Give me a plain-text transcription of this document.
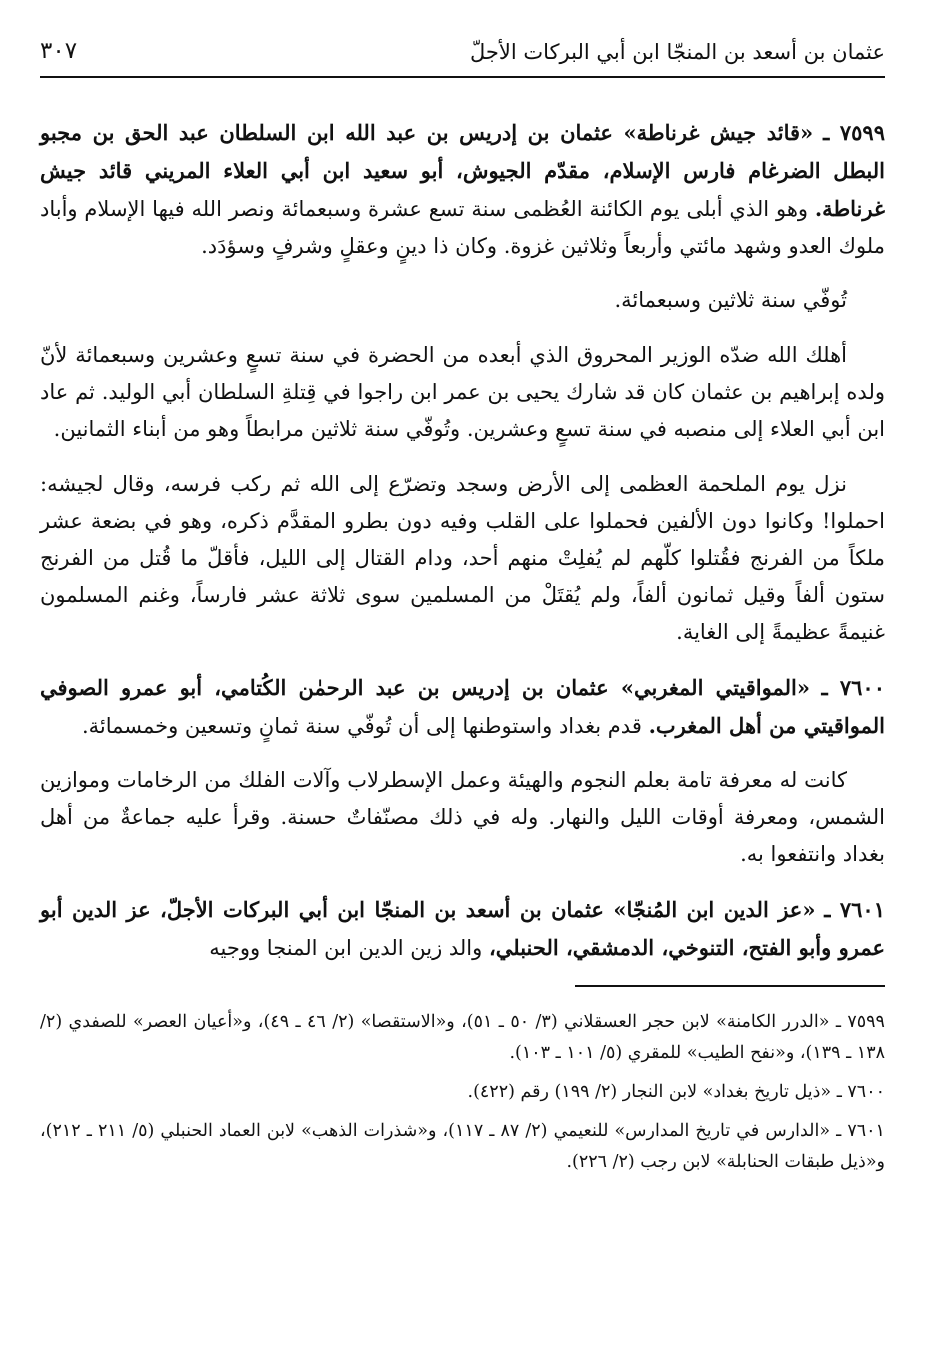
عثمان بن أسعد بن المنجّا ابن أبي البركات الأجلّ
٣٠٧

٧٥٩٩ ـ «قائد جيش غرناطة» عثمان بن إدريس بن عبد الله ابن السلطان عبد الحق بن مجبو البطل الضرغام فارس الإسلام، مقدّم الجيوش، أبو سعيد ابن أبي العلاء المريني قائد جيش غرناطة. وهو الذي أبلى يوم الكائنة العُظمى سنة تسع عشرة وسبعمائة ونصر الله فيها الإسلام وأباد ملوك العدو وشهد مائتي وأربعاً وثلاثين غزوة. وكان ذا دينٍ وعقلٍ وشرفٍ وسؤدَد.

تُوفّي سنة ثلاثين وسبعمائة.

أهلك الله ضدّه الوزير المحروق الذي أبعده من الحضرة في سنة تسعٍ وعشرين وسبعمائة لأنّ ولده إبراهيم بن عثمان كان قد شارك يحيى بن عمر ابن راجوا في قِتلةِ السلطان أبي الوليد. ثم عاد ابن أبي العلاء إلى منصبه في سنة تسعٍ وعشرين. وتُوفّي سنة ثلاثين مرابطاً وهو من أبناء الثمانين.

نزل يوم الملحمة العظمى إلى الأرض وسجد وتضرّع إلى الله ثم ركب فرسه، وقال لجيشه: احملوا! وكانوا دون الألفين فحملوا على القلب وفيه دون بطرو المقدَّم ذكره، وهو في بضعة عشر ملكاً من الفرنج فقُتلوا كلّهم لم يُفلِتْ منهم أحد، ودام القتال إلى الليل، فأقلّ ما قُتل من الفرنج ستون ألفاً وقيل ثمانون ألفاً، ولم يُقتَلْ من المسلمين سوى ثلاثة عشر فارساً، وغنم المسلمون غنيمةً عظيمةً إلى الغاية.

٧٦٠٠ ـ «المواقيتي المغربي» عثمان بن إدريس بن عبد الرحمٰن الكُتامي، أبو عمرو الصوفي المواقيتي من أهل المغرب. قدم بغداد واستوطنها إلى أن تُوفّي سنة ثمانٍ وتسعين وخمسمائة.

كانت له معرفة تامة بعلم النجوم والهيئة وعمل الإسطرلاب وآلات الفلك من الرخامات وموازين الشمس، ومعرفة أوقات الليل والنهار. وله في ذلك مصنّفاتٌ حسنة. وقرأ عليه جماعةٌ من أهل بغداد وانتفعوا به.

٧٦٠١ ـ «عز الدين ابن المُنجّا» عثمان بن أسعد بن المنجّا ابن أبي البركات الأجلّ، عز الدين أبو عمرو وأبو الفتح، التنوخي، الدمشقي، الحنبلي، والد زين الدين ابن المنجا ووجيه

٧٥٩٩ ـ «الدرر الكامنة» لابن حجر العسقلاني (٣/ ٥٠ ـ ٥١)، و«الاستقصا» (٢/ ٤٦ ـ ٤٩)، و«أعيان العصر» للصفدي (٢/ ١٣٨ ـ ١٣٩)، و«نفح الطيب» للمقري (٥/ ١٠١ ـ ١٠٣).

٧٦٠٠ ـ «ذيل تاريخ بغداد» لابن النجار (٢/ ١٩٩) رقم (٤٢٢).

٧٦٠١ ـ «الدارس في تاريخ المدارس» للنعيمي (٢/ ٨٧ ـ ١١٧)، و«شذرات الذهب» لابن العماد الحنبلي (٥/ ٢١١ ـ ٢١٢)، و«ذيل طبقات الحنابلة» لابن رجب (٢/ ٢٢٦).
